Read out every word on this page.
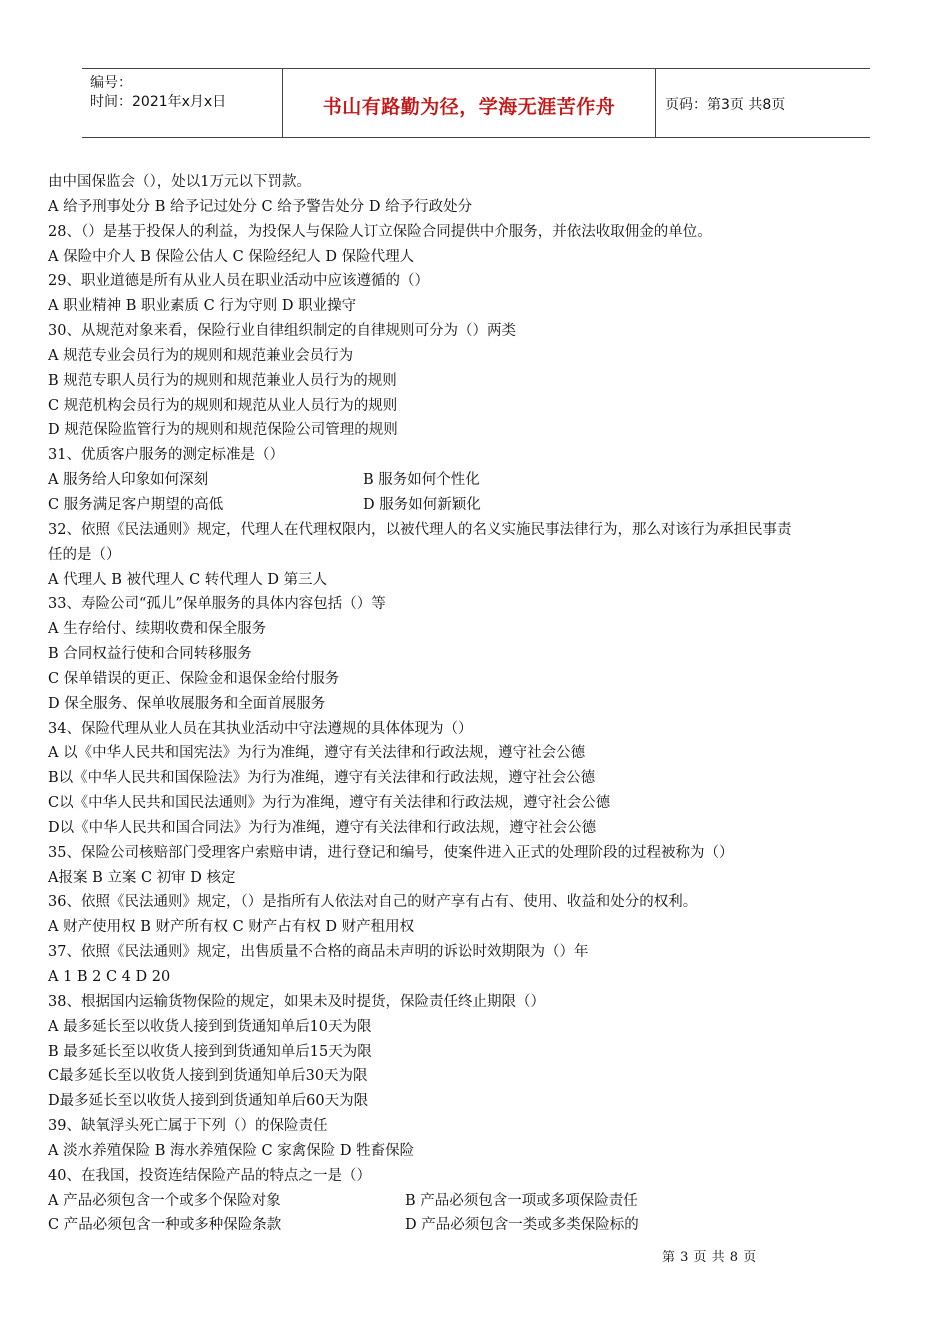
编号：
时间：2021年x月x日	书山有路勤为径，学海无涯苦作舟	页码：第3页 共8页
由中国保监会（），处以1万元以下罚款。
A 给予刑事处分 B 给予记过处分 C 给予警告处分 D 给予行政处分
28、（）是基于投保人的利益，为投保人与保险人订立保险合同提供中介服务，并依法收取佣金的单位。
A 保险中介人 B 保险公估人 C 保险经纪人 D 保险代理人
29、职业道德是所有从业人员在职业活动中应该遵循的（）
A 职业精神 B 职业素质 C 行为守则 D 职业操守
30、从规范对象来看，保险行业自律组织制定的自律规则可分为（）两类
A 规范专业会员行为的规则和规范兼业会员行为
B 规范专职人员行为的规则和规范兼业人员行为的规则
C 规范机构会员行为的规则和规范从业人员行为的规则
D 规范保险监管行为的规则和规范保险公司管理的规则
31、优质客户服务的测定标准是（）
A 服务给人印象如何深刻	B 服务如何个性化
C 服务满足客户期望的高低	D 服务如何新颖化
32、依照《民法通则》规定，代理人在代理权限内，以被代理人的名义实施民事法律行为，那么对该行为承担民事责
任的是（）
A 代理人 B 被代理人 C 转代理人 D 第三人
33、寿险公司“孤儿”保单服务的具体内容包括（）等
A 生存给付、续期收费和保全服务
B 合同权益行使和合同转移服务
C 保单错误的更正、保险金和退保金给付服务
D 保全服务、保单收展服务和全面首展服务
34、保险代理从业人员在其执业活动中守法遵规的具体体现为（）
A 以《中华人民共和国宪法》为行为准绳，遵守有关法律和行政法规，遵守社会公德
B以《中华人民共和国保险法》为行为准绳，遵守有关法律和行政法规，遵守社会公德
C以《中华人民共和国民法通则》为行为准绳，遵守有关法律和行政法规，遵守社会公德
D以《中华人民共和国合同法》为行为准绳，遵守有关法律和行政法规，遵守社会公德
35、保险公司核赔部门受理客户索赔申请，进行登记和编号，使案件进入正式的处理阶段的过程被称为（）
A报案 B 立案 C 初审 D 核定
36、依照《民法通则》规定，（）是指所有人依法对自己的财产享有占有、使用、收益和处分的权利。
A 财产使用权 B 财产所有权 C 财产占有权 D 财产租用权
37、依照《民法通则》规定，出售质量不合格的商品未声明的诉讼时效期限为（）年
A 1 B 2 C 4 D 20
38、根据国内运输货物保险的规定，如果未及时提货，保险责任终止期限（）
A 最多延长至以收货人接到到货通知单后10天为限
B 最多延长至以收货人接到到货通知单后15天为限
C最多延长至以收货人接到到货通知单后30天为限
D最多延长至以收货人接到到货通知单后60天为限
39、缺氧浮头死亡属于下列（）的保险责任
A 淡水养殖保险 B 海水养殖保险 C 家禽保险 D 牲畜保险
40、在我国，投资连结保险产品的特点之一是（）
A 产品必须包含一个或多个保险对象	B 产品必须包含一项或多项保险责任
C 产品必须包含一种或多种保险条款	D 产品必须包含一类或多类保险标的
第 3 页 共 8 页
